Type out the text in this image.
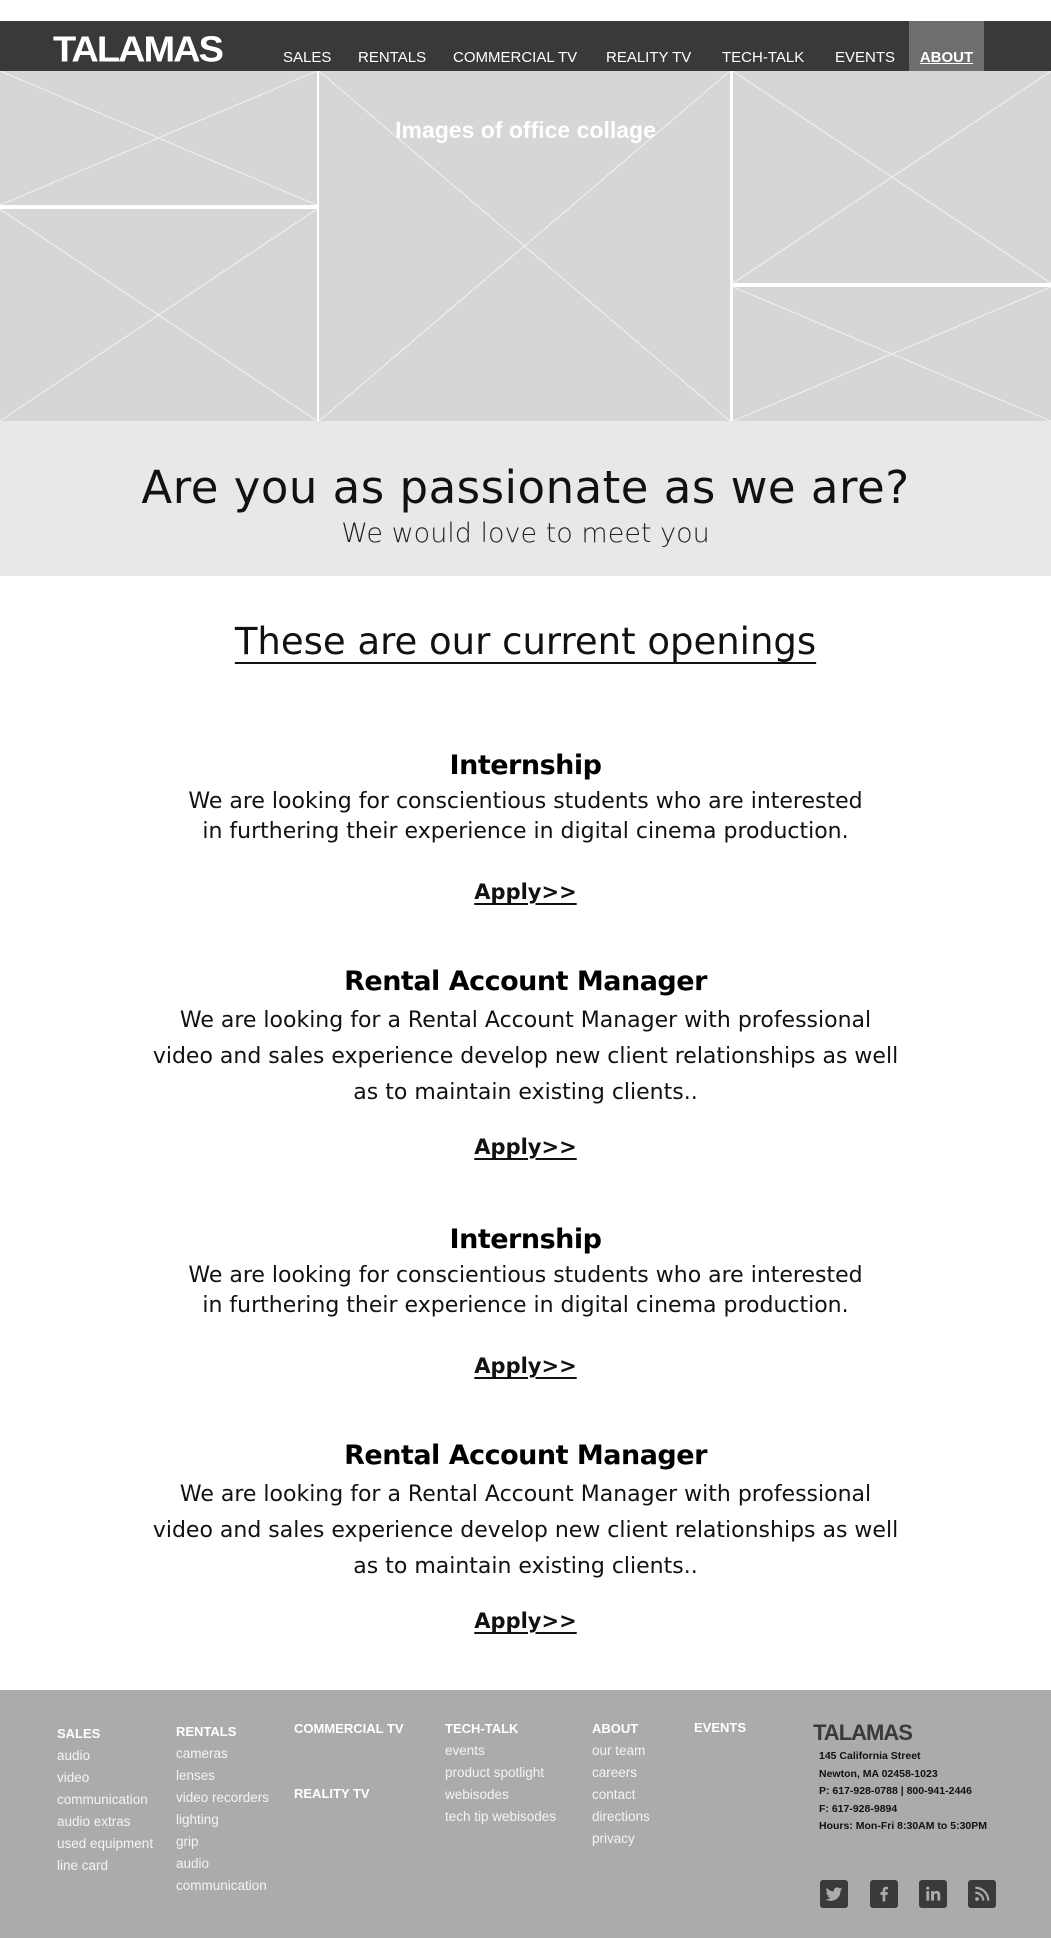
TALAMAS	SALES RENTALS COMMERCIAL TV REALITY TV TECH-TALK EVENTS	ABOUT
Images of office collage
Are you as passionate as we are?
We would love to meet you
These are our current openings
Internship
We are looking for conscientious students who are interested
in furthering their experience in digital cinema production.
Apply>>
Rental Account Manager
We are looking for a Rental Account Manager with professional
video and sales experience develop new client relationships as well
as to maintain existing clients..
Apply>>
Internship
We are looking for conscientious students who are interested
in furthering their experience in digital cinema production.
Apply>>
Rental Account Manager
We are looking for a Rental Account Manager with professional
video and sales experience develop new client relationships as well
as to maintain existing clients..
Apply>>
SALES
audio
video
communication
audio extras
used equipment
line card
RENTALS
cameras
lenses
video recorders
lighting
grip
audio
communication
COMMERCIAL TV
REALITY TV
TECH-TALK
events
product spotlight
webisodes
tech tip webisodes
ABOUT
our team
careers
contact
directions
privacy
EVENTS	TALAMAS
145 California Street
Newton, MA 02458-1023
P: 617-928-0788 | 800-941-2446
F: 617-928-9894
Hours: Mon-Fri 8:30AM to 5:30PM
